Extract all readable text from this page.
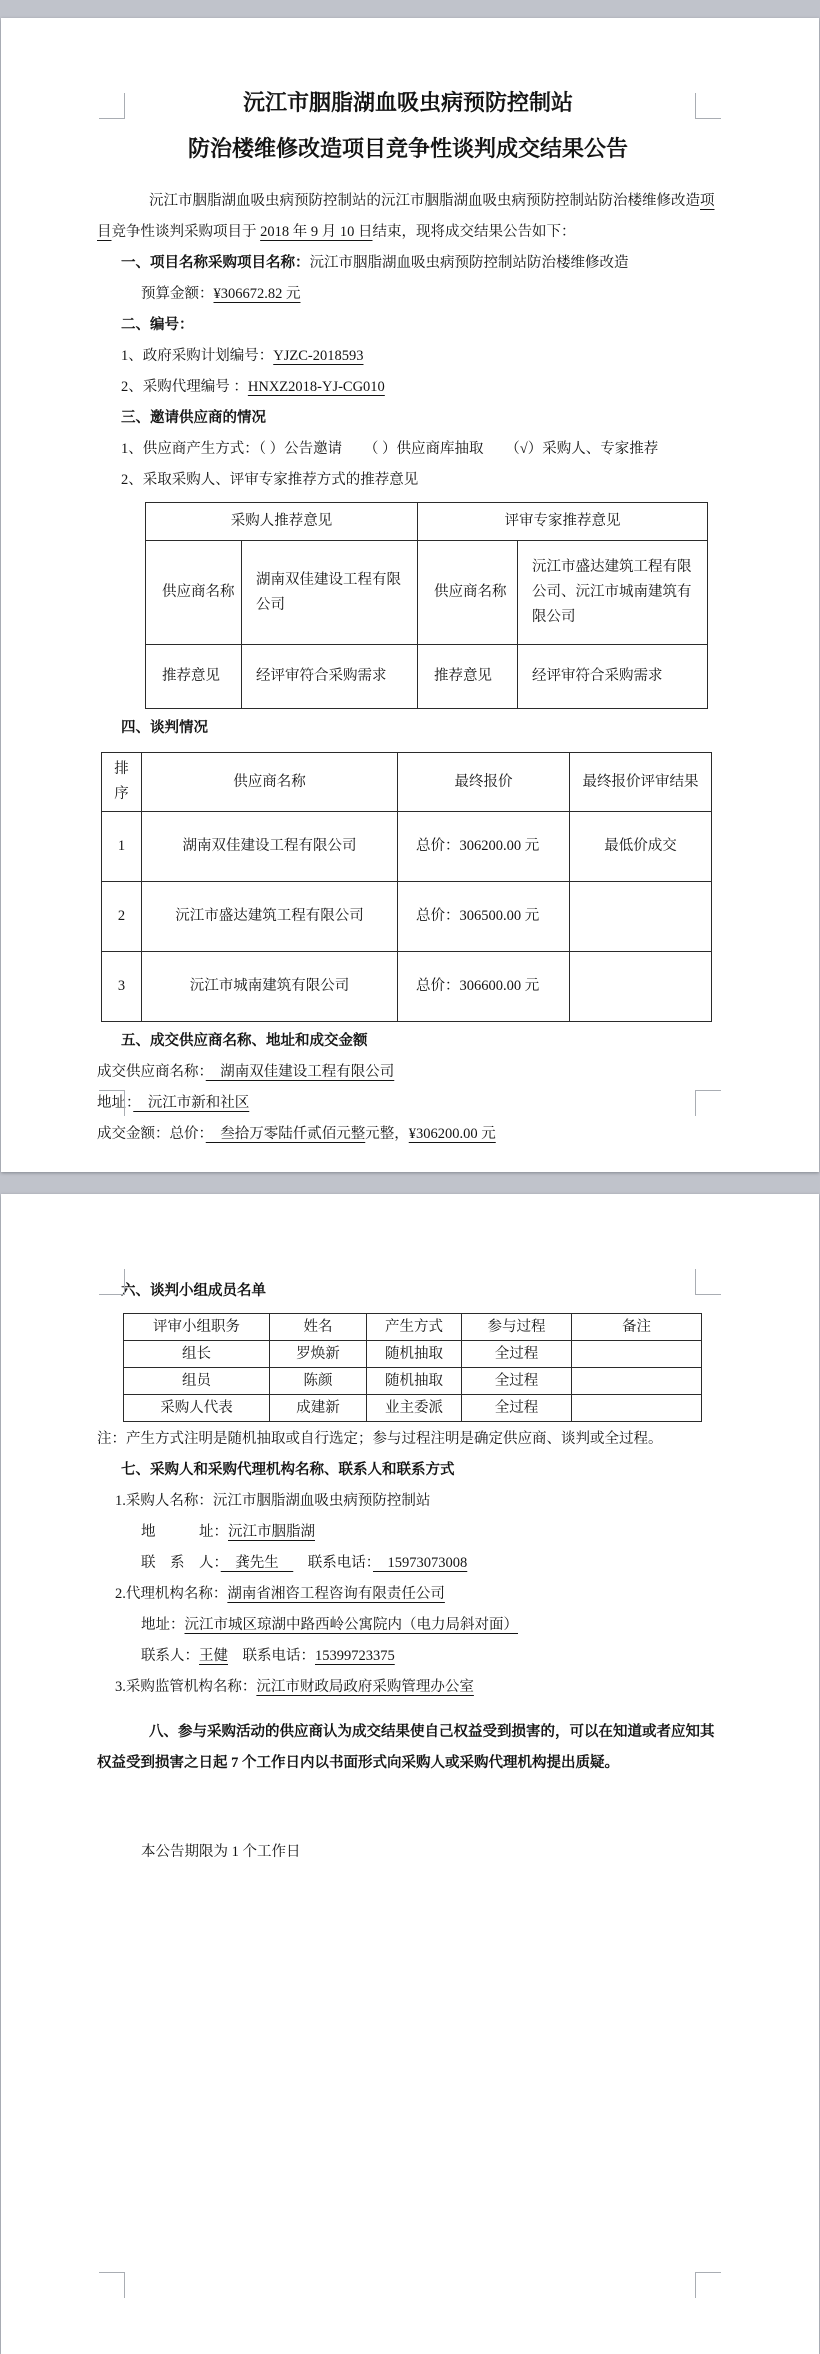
沅江市胭脂湖血吸虫病预防控制站
防治楼维修改造项目竞争性谈判成交结果公告
沅江市胭脂湖血吸虫病预防控制站的沅江市胭脂湖血吸虫病预防控制站防治楼维修改造项目竞争性谈判采购项目于 2018 年 9 月 10 日结束，现将成交结果公告如下：
一、项目名称采购项目名称：沅江市胭脂湖血吸虫病预防控制站防治楼维修改造
预算金额：¥306672.82 元
二、编号：
1、政府采购计划编号：YJZC-2018593
2、采购代理编号 ：HNXZ2018-YJ-CG010
三、邀请供应商的情况
1、供应商产生方式：（ ）公告邀请　　（ ）供应商库抽取　　（√）采购人、专家推荐
2、采取采购人、评审专家推荐方式的推荐意见
采购人推荐意见		评审专家推荐意见	
供应商名称	湖南双佳建设工程有限公司	供应商名称	沅江市盛达建筑工程有限公司、沅江市城南建筑有限公司
推荐意见	经评审符合采购需求	推荐意见	经评审符合采购需求
四、谈判情况
排　序	供应商名称	最终报价	最终报价评审结果
1	湖南双佳建设工程有限公司	总价：306200.00 元	最低价成交
2	沅江市盛达建筑工程有限公司	总价：306500.00 元	
3	沅江市城南建筑有限公司	总价：306600.00 元	
五、成交供应商名称、地址和成交金额
成交供应商名称：　湖南双佳建设工程有限公司
地址：　沅江市新和社区
成交金额：总价：　叁拾万零陆仟贰佰元整元整，¥306200.00 元
六、谈判小组成员名单
评审小组职务	姓名	产生方式	参与过程	备注
组长	罗焕新	随机抽取	全过程	
组员	陈颜	随机抽取	全过程	
采购人代表	成建新	业主委派	全过程	
注：产生方式注明是随机抽取或自行选定；参与过程注明是确定供应商、谈判或全过程。
七、采购人和采购代理机构名称、联系人和联系方式
1.采购人名称：沅江市胭脂湖血吸虫病预防控制站
地　　　址：沅江市胭脂湖
联　系　人：　龚先生　　联系电话：　15973073008
2.代理机构名称：湖南省湘咨工程咨询有限责任公司
地址：沅江市城区琼湖中路西岭公寓院内（电力局斜对面）
联系人：王健　联系电话：15399723375
3.采购监管机构名称：沅江市财政局政府采购管理办公室
八、参与采购活动的供应商认为成交结果使自己权益受到损害的，可以在知道或者应知其权益受到损害之日起 7 个工作日内以书面形式向采购人或采购代理机构提出质疑。
本公告期限为 1 个工作日
